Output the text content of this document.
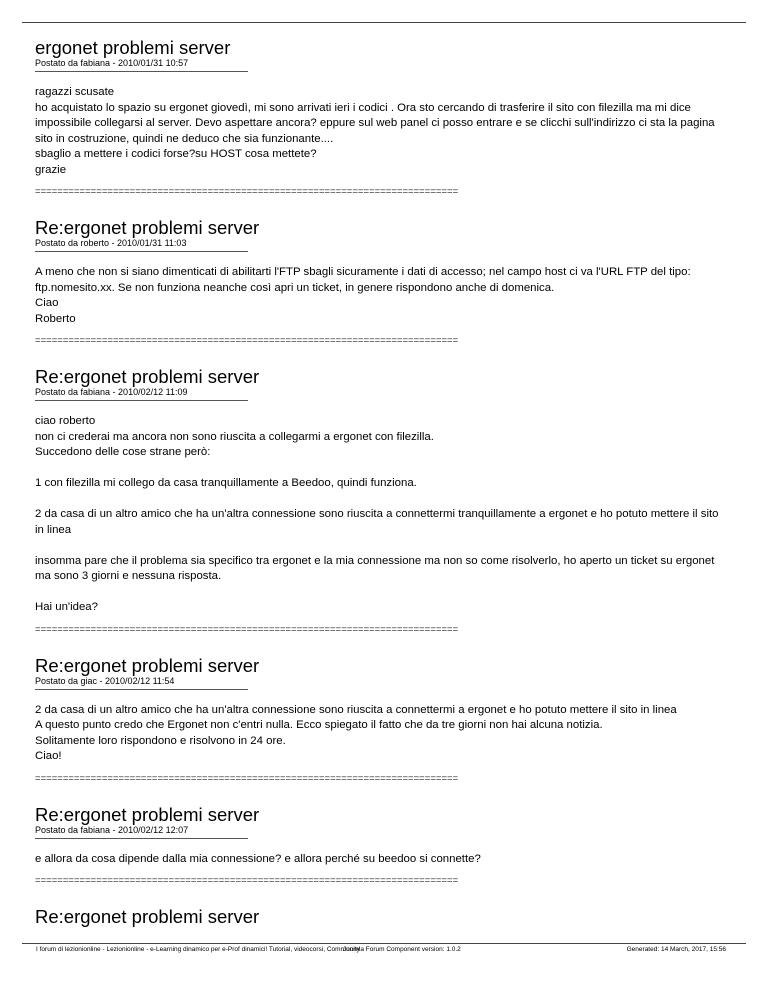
ergonet problemi server
Postato da fabiana - 2010/01/31 10:57

ragazzi scusate

ho acquistato lo spazio su ergonet giovedì, mi sono arrivati ieri i codici . Ora sto cercando di trasferire il sito con filezilla ma mi dice impossibile collegarsi al server. Devo aspettare ancora? eppure sul web panel ci posso entrare e se clicchi sull'indirizzo ci sta la pagina sito in costruzione, quindi ne deduco che sia funzionante....

sbaglio a mettere i codici forse?su HOST cosa mettete?

grazie

============================================================================
Re:ergonet problemi server
Postato da roberto - 2010/01/31 11:03

A meno che non si siano dimenticati di abilitarti l'FTP sbagli sicuramente i dati di accesso; nel campo host ci va l'URL FTP del tipo: ftp.nomesito.xx. Se non funziona neanche così apri un ticket, in genere rispondono anche di domenica.

Ciao

Roberto

============================================================================
Re:ergonet problemi server
Postato da fabiana - 2010/02/12 11:09

ciao roberto

non ci crederai ma ancora non sono riuscita a collegarmi a ergonet con filezilla.

Succedono delle cose strane però:

1 con filezilla mi collego da casa tranquillamente a Beedoo, quindi funziona.

2 da casa di un altro amico che ha un'altra connessione sono riuscita a connettermi tranquillamente a ergonet e ho potuto mettere il sito in linea

insomma pare che il problema sia specifico tra ergonet e la mia connessione ma non so come risolverlo, ho aperto un ticket su ergonet ma sono 3 giorni e nessuna risposta.

Hai un'idea?

============================================================================
Re:ergonet problemi server
Postato da giac - 2010/02/12 11:54

2 da casa di un altro amico che ha un'altra connessione sono riuscita a connettermi a ergonet e ho potuto mettere il sito in linea

A questo punto credo che Ergonet non c'entri nulla. Ecco spiegato il fatto che da tre giorni non hai alcuna notizia.

Solitamente loro rispondono e risolvono in 24 ore.

Ciao!

============================================================================
Re:ergonet problemi server
Postato da fabiana - 2010/02/12 12:07

e allora da cosa dipende dalla mia connessione? e allora perché su beedoo si connette?

============================================================================
Re:ergonet problemi server
I forum di lezionionline - Lezionionline - e-Learning dinamico per e-Prof dinamici! Tutorial, videocorsi, Community
Joomla Forum Component version: 1.0.2	Generated: 14 March, 2017, 15:56
